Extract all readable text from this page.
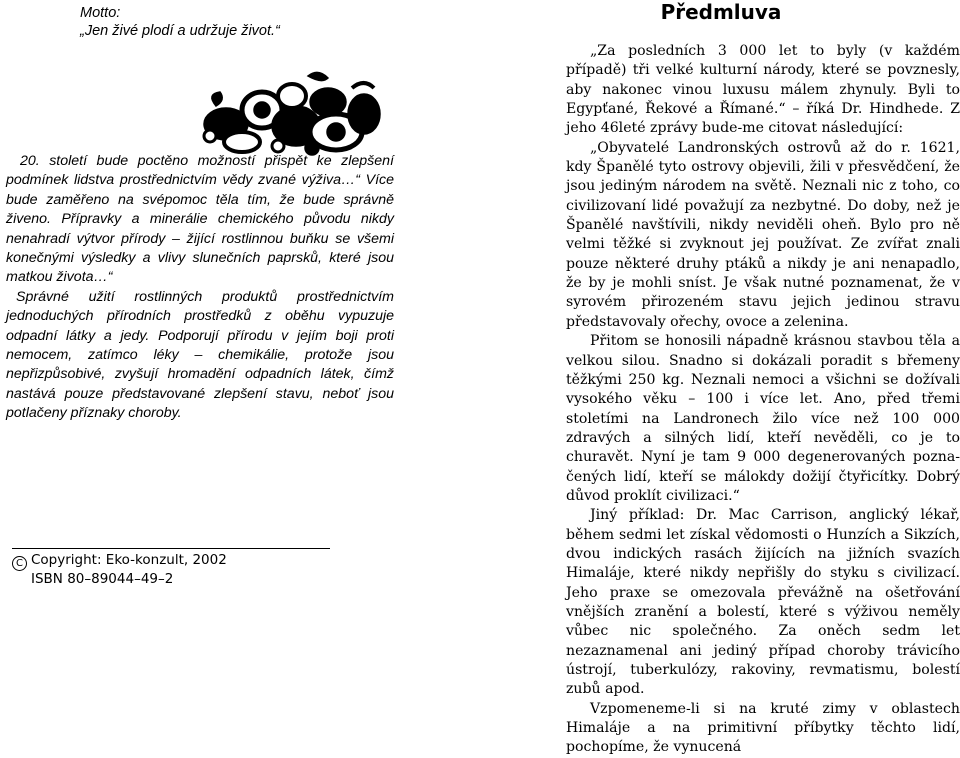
Motto:
„Jen živé plodí a udržuje život.“

20. století bude poctěno možností přispět ke zlepšení podmínek lidstva prostřednictvím vědy zvané výživa…“ Více bude zaměřeno na svépomoc těla tím, že bude správně živeno. Přípravky a minerálie chemického původu nikdy nenahradí výtvor přírody – žijící rostlinnou buňku se všemi konečnými výsledky a vlivy slunečních paprsků, které jsou matkou života…“

Správné užití rostlinných produktů prostřednictvím jednoduchých přírodních prostředků z oběhu vypuzuje odpadní látky a jedy. Podporují přírodu v jejím boji proti nemocem, zatímco léky – chemikálie, protože jsou nepřizpůsobivé, zvyšují hromadění odpadních látek, čímž nastává pouze představované zlepšení stavu, neboť jsou potlačeny příznaky choroby.

C Copyright: Eko-konzult, 2002
ISBN 80–89044–49–2
Předmluva

„Za posledních 3 000 let to byly (v každém případě) tři velké kulturní národy, které se povznesly, aby nakonec vinou luxusu málem zhynuly. Byli to Egypťané, Řekové a Římané.“ – říká Dr. Hindhede. Z jeho 46leté zprávy bude-me citovat následující:

„Obyvatelé Landronských ostrovů až do r. 1621, kdy Španělé tyto ostrovy objevili, žili v přesvědčení, že jsou jediným národem na světě. Neznali nic z toho, co civilizovaní lidé považují za nezbytné. Do doby, než je Španělé navštívili, nikdy neviděli oheň. Bylo pro ně velmi těžké si zvyknout jej používat. Ze zvířat znali pouze některé druhy ptáků a nikdy je ani nenapadlo, že by je mohli sníst. Je však nutné poznamenat, že v syrovém přirozeném stavu jejich jedinou stravu představovaly ořechy, ovoce a zelenina.

Přitom se honosili nápadně krásnou stavbou těla a velkou silou. Snadno si dokázali poradit s břemeny těžkými 250 kg. Neznali nemoci a všichni se dožívali vysokého věku – 100 i více let. Ano, před třemi stoletími na Landronech žilo více než 100 000 zdravých a silných lidí, kteří nevěděli, co je to churavět. Nyní je tam 9 000 degenerovaných pozna-čených lidí, kteří se málokdy dožijí čtyřicítky. Dobrý důvod proklít civilizaci.“

Jiný příklad: Dr. Mac Carrison, anglický lékař, během sedmi let získal vědomosti o Hunzích a Sikzích, dvou indických rasách žijících na jižních svazích Himaláje, které nikdy nepřišly do styku s civilizací. Jeho praxe se omezovala převážně na ošetřování vnějších zranění a bolestí, které s výživou neměly vůbec nic společného. Za oněch sedm let nezaznamenal ani jediný případ choroby trávicího ústrojí, tuberkulózy, rakoviny, revmatismu, bolestí zubů apod.

Vzpomeneme-li si na kruté zimy v oblastech Himaláje a na primitivní příbytky těchto lidí, pochopíme, že vynucená
